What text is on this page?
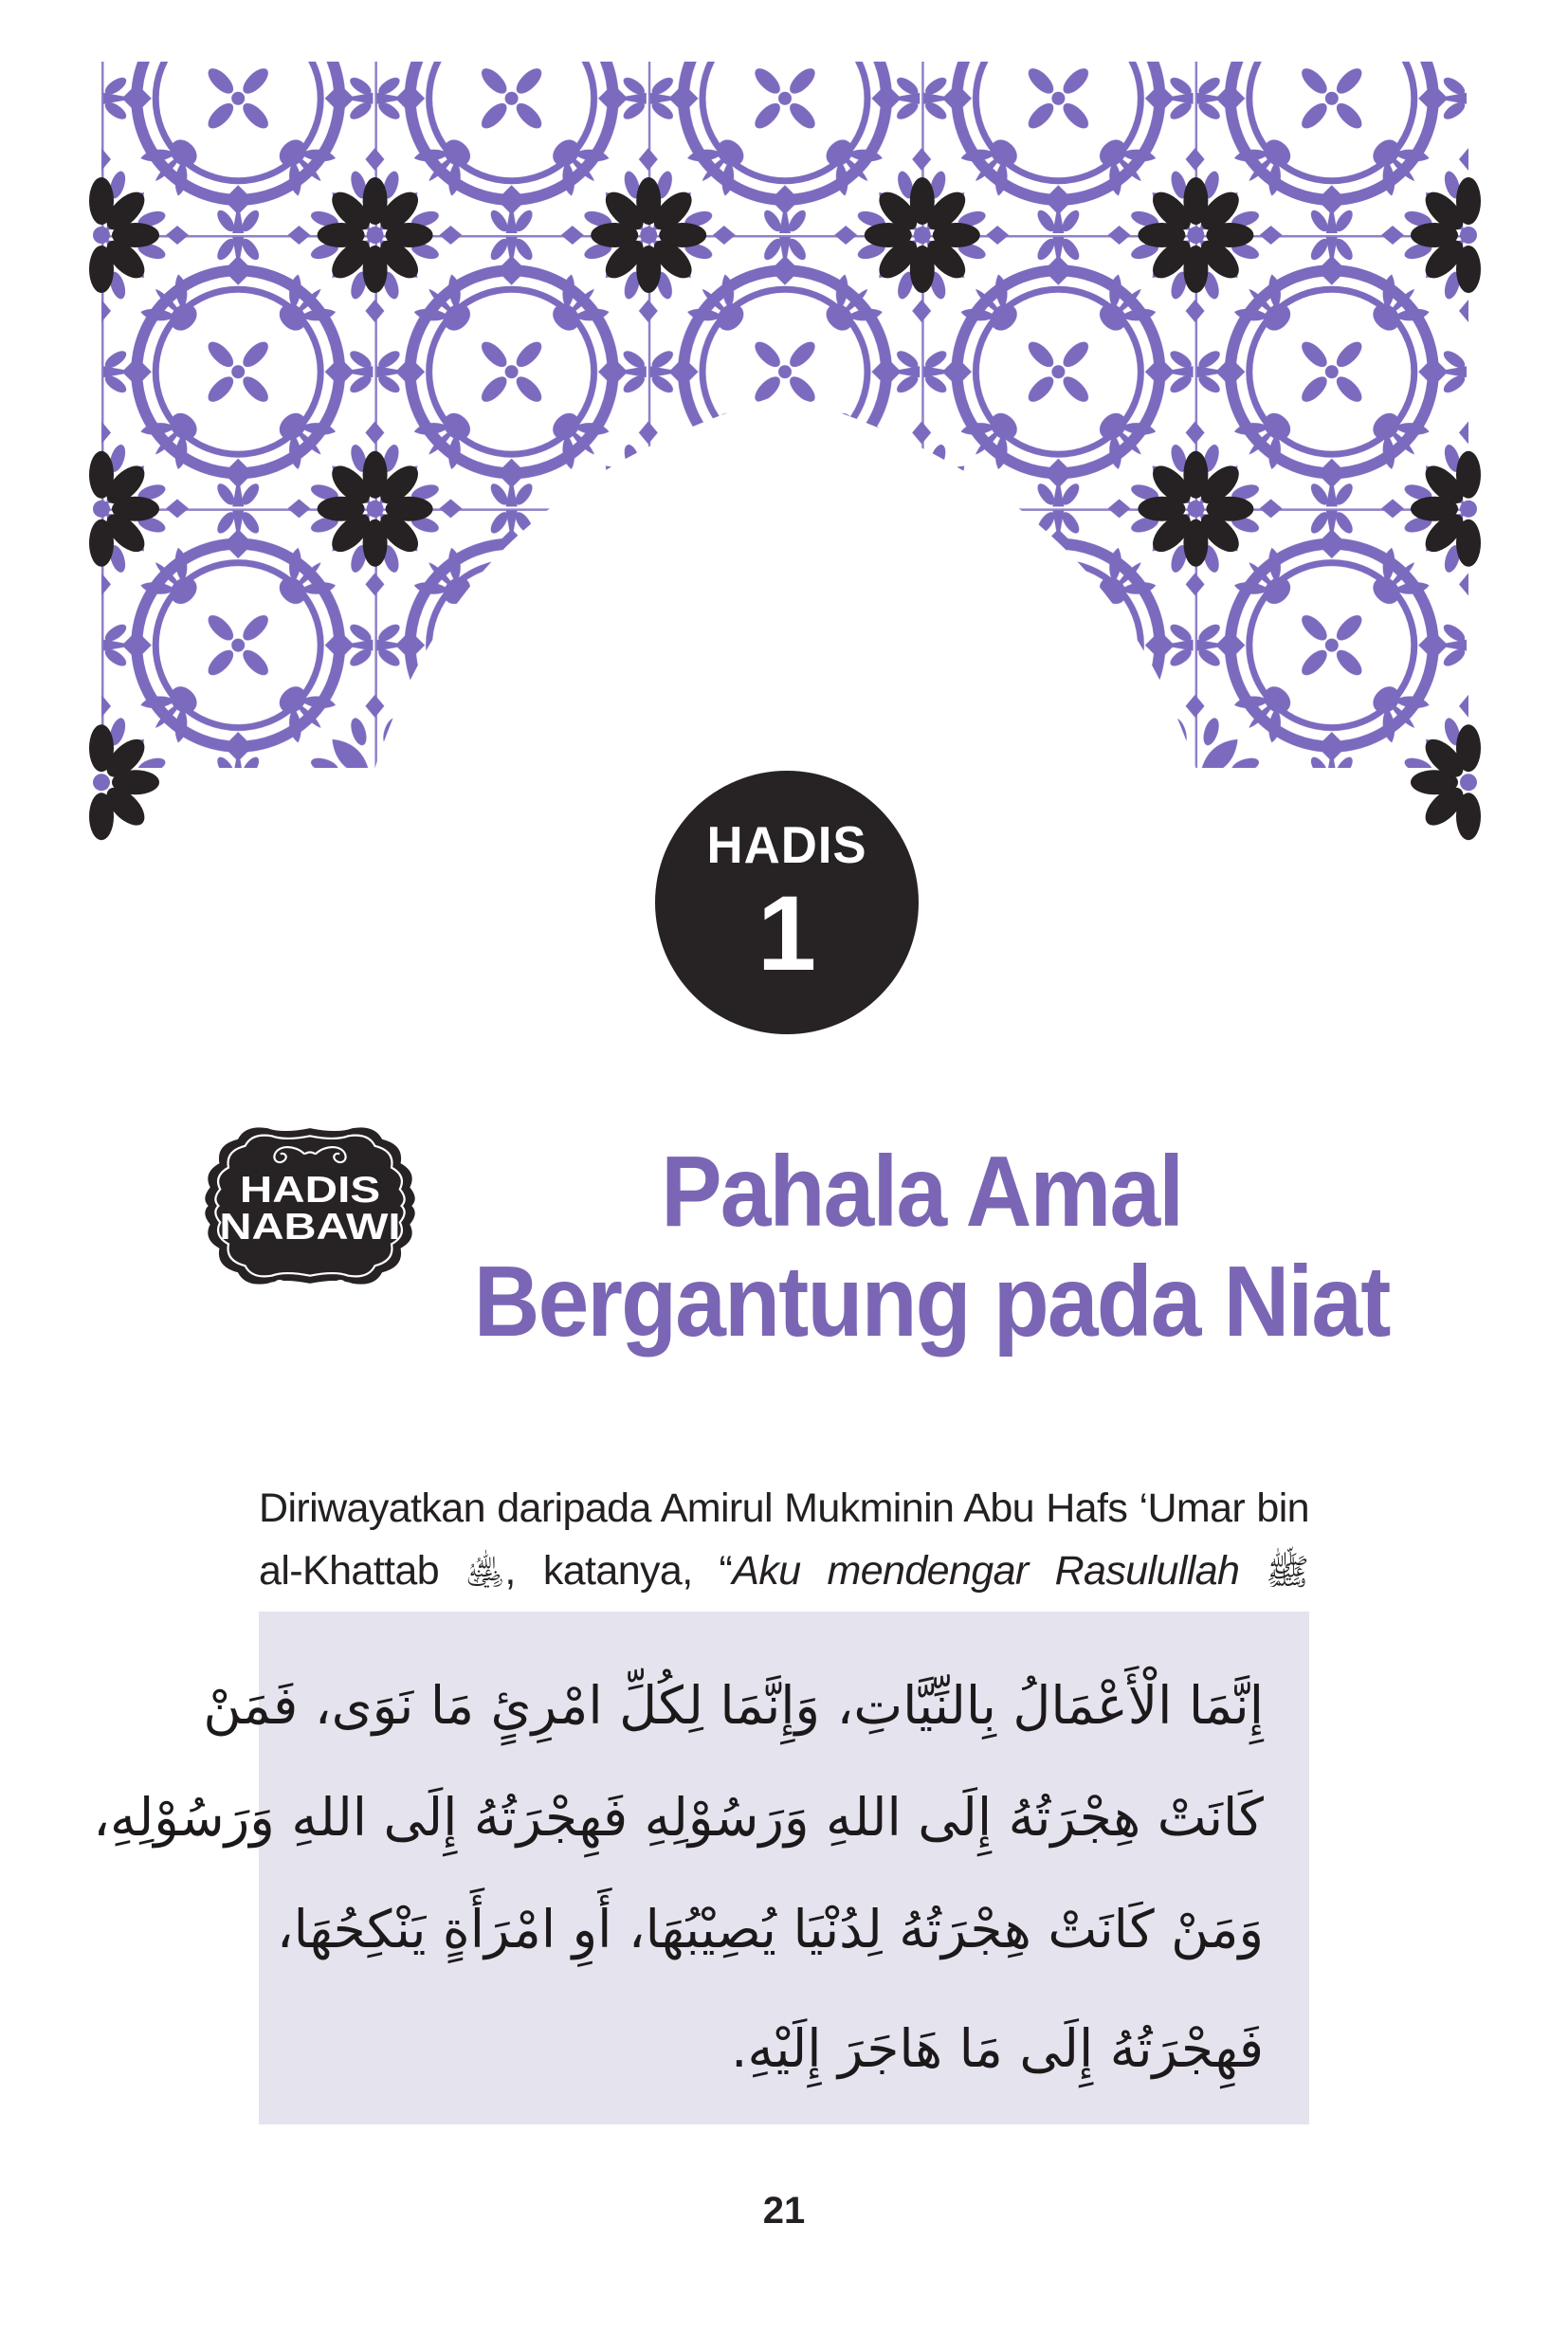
HADIS
1
HADIS
NABAWI	Pahala Amal
Bergantung pada Niat

Diriwayatkan daripada Amirul Mukminin Abu Hafs ‘Umar bin al-Khattab ﵁, katanya, “Aku mendengar Rasulullah ﷺ

إِنَّمَا الْأَعْمَالُ بِالنِّيَّاتِ، وَإِنَّمَا لِكُلِّ امْرِئٍ مَا نَوَى، فَمَنْ
كَانَتْ هِجْرَتُهُ إِلَى اللهِ وَرَسُوْلِهِ فَهِجْرَتُهُ إِلَى اللهِ وَرَسُوْلِهِ،
وَمَنْ كَانَتْ هِجْرَتُهُ لِدُنْيَا يُصِيْبُهَا، أَوِ امْرَأَةٍ يَنْكِحُهَا،
فَهِجْرَتُهُ إِلَى مَا هَاجَرَ إِلَيْهِ.
21
